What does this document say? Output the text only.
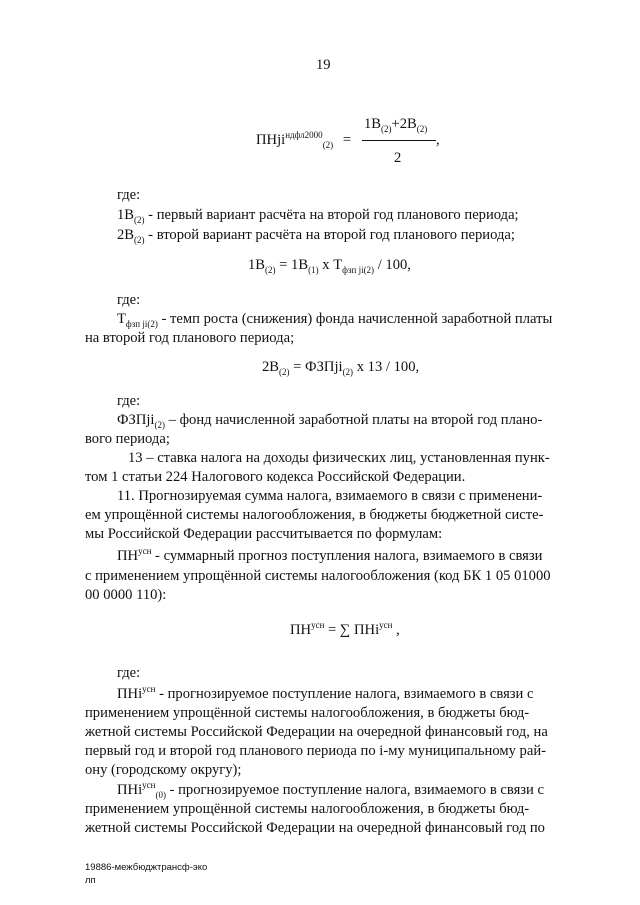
19
ПНji$^{ндфл2000}_{(2)}$ =
$1В_{(2)}+2В_{(2)}$
,
2
где:
$1В_{(2)}$ - первый вариант расчёта на второй год планового периода;
$2В_{(2)}$ - второй вариант расчёта на второй год планового периода;
$1В_{(2)} = 1В_{(1)}$ х $Т_{фзп ji(2)} / 100$,
где:
$Т_{фзп ji(2)}$ - темп роста (снижения) фонда начисленной заработной платы
на второй год планового периода;
$2В_{(2)}$ = ФЗПji$_{(2)}$ х 13 / 100,
где:
ФЗПji$_{(2)}$ – фонд начисленной заработной платы на второй год плано-
вого периода;
13 – ставка налога на доходы физических лиц, установленная пунк-
том 1 статьи 224 Налогового кодекса Российской Федерации.
11. Прогнозируемая сумма налога, взимаемого в связи с применени-
ем упрощённой системы налогообложения, в бюджеты бюджетной систе-
мы Российской Федерации рассчитывается по формулам:
$ПН^{усн}$ - суммарный прогноз поступления налога, взимаемого в связи
с применением упрощённой системы налогообложения (код БК 1 05 01000
00 0000 110):
$ПН^{усн}$ = ∑ ПНi$^{усн}$ ,
где:
ПНi$^{усн}$ - прогнозируемое поступление налога, взимаемого в связи с
применением упрощённой системы налогообложения, в бюджеты бюд-
жетной системы Российской Федерации на очередной финансовый год, на
первый год и второй год планового периода по i-му муниципальному рай-
ону (городскому округу);
ПНi$^{усн}_{(0)}$ - прогнозируемое поступление налога, взимаемого в связи с
применением упрощённой системы налогообложения, в бюджеты бюд-
жетной системы Российской Федерации на очередной финансовый год по
19886-межбюджтрансф-эко
лп
